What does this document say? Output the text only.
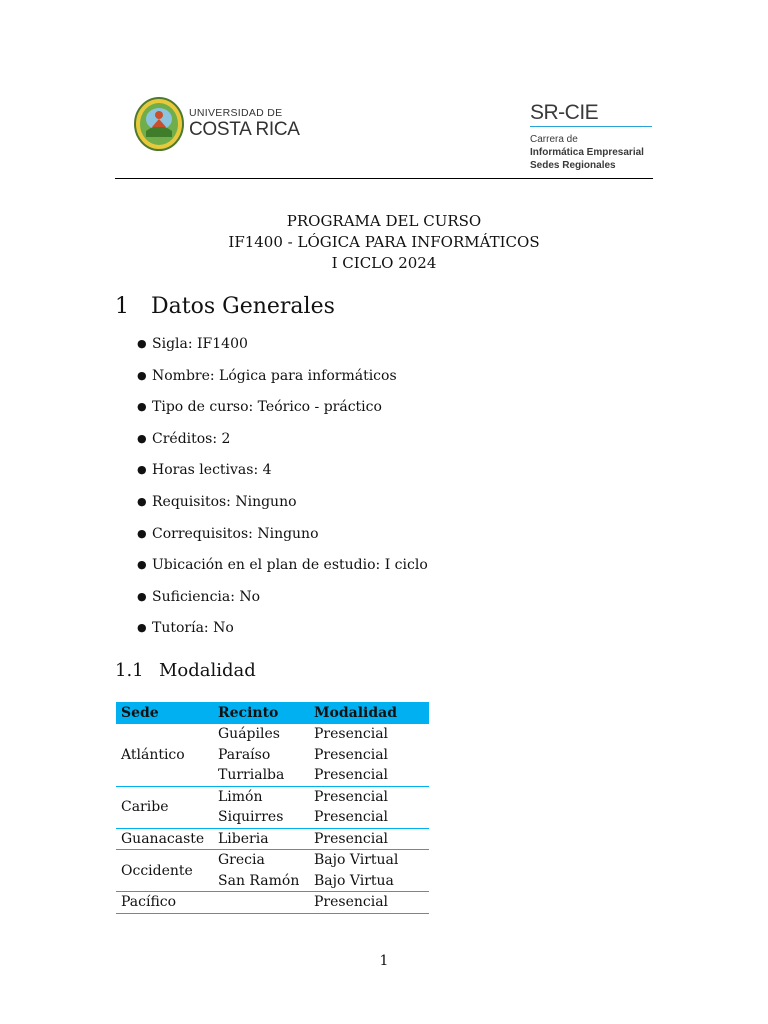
UNIVERSIDAD DE
COSTA RICA
SR-CIE
Carrera de
Informática Empresarial
Sedes Regionales
PROGRAMA DEL CURSO
IF1400 - LÓGICA PARA INFORMÁTICOS
I CICLO 2024
1 Datos Generales
● Sigla: IF1400
● Nombre: Lógica para informáticos
● Tipo de curso: Teórico - práctico
● Créditos: 2
● Horas lectivas: 4
● Requisitos: Ninguno
● Correquisitos: Ninguno
● Ubicación en el plan de estudio: I ciclo
● Suficiencia: No
● Tutoría: No
1.1 Modalidad
Sede	Recinto	Modalidad
Atlántico	Guápiles	Presencial
	Paraíso	Presencial
	Turrialba	Presencial
Caribe	Limón	Presencial
	Siquirres	Presencial
Guanacaste	Liberia	Presencial
Occidente	Grecia	Bajo Virtual
	San Ramón	Bajo Virtua
Pacífico		Presencial
1
